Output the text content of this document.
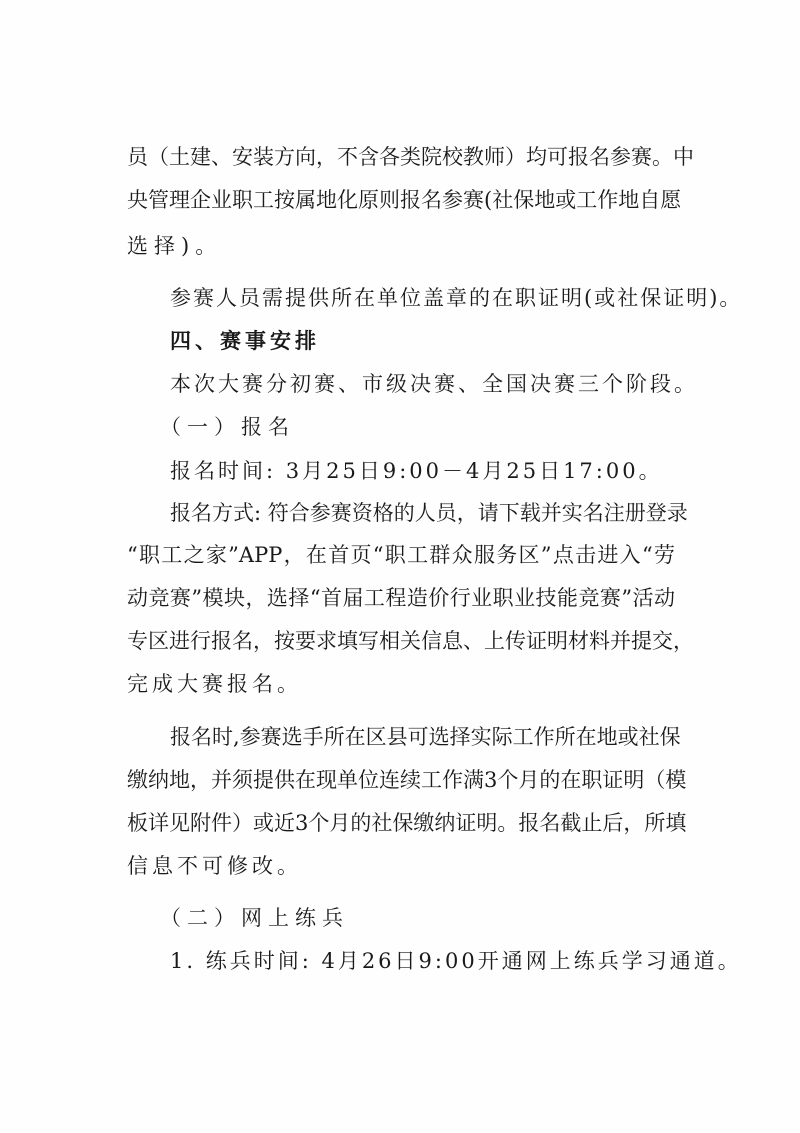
员（土建、安装方向，不含各类院校教师）均可报名参赛。中
央管理企业职工按属地化原则报名参赛(社保地或工作地自愿
选择)。
参赛人员需提供所在单位盖章的在职证明(或社保证明)。
四、赛事安排
本次大赛分初赛、市级决赛、全国决赛三个阶段。
（一）报名
报名时间: 3月25日9:00－4月25日17:00。
报名方式: 符合参赛资格的人员，请下载并实名注册登录
“职工之家”APP，在首页“职工群众服务区”点击进入“劳
动竞赛”模块，选择“首届工程造价行业职业技能竞赛”活动
专区进行报名，按要求填写相关信息、上传证明材料并提交，
完成大赛报名。
报名时,参赛选手所在区县可选择实际工作所在地或社保
缴纳地，并须提供在现单位连续工作满3个月的在职证明（模
板详见附件）或近3个月的社保缴纳证明。报名截止后，所填
信息不可修改。
（二）网上练兵
1. 练兵时间: 4月26日9:00开通网上练兵学习通道。
